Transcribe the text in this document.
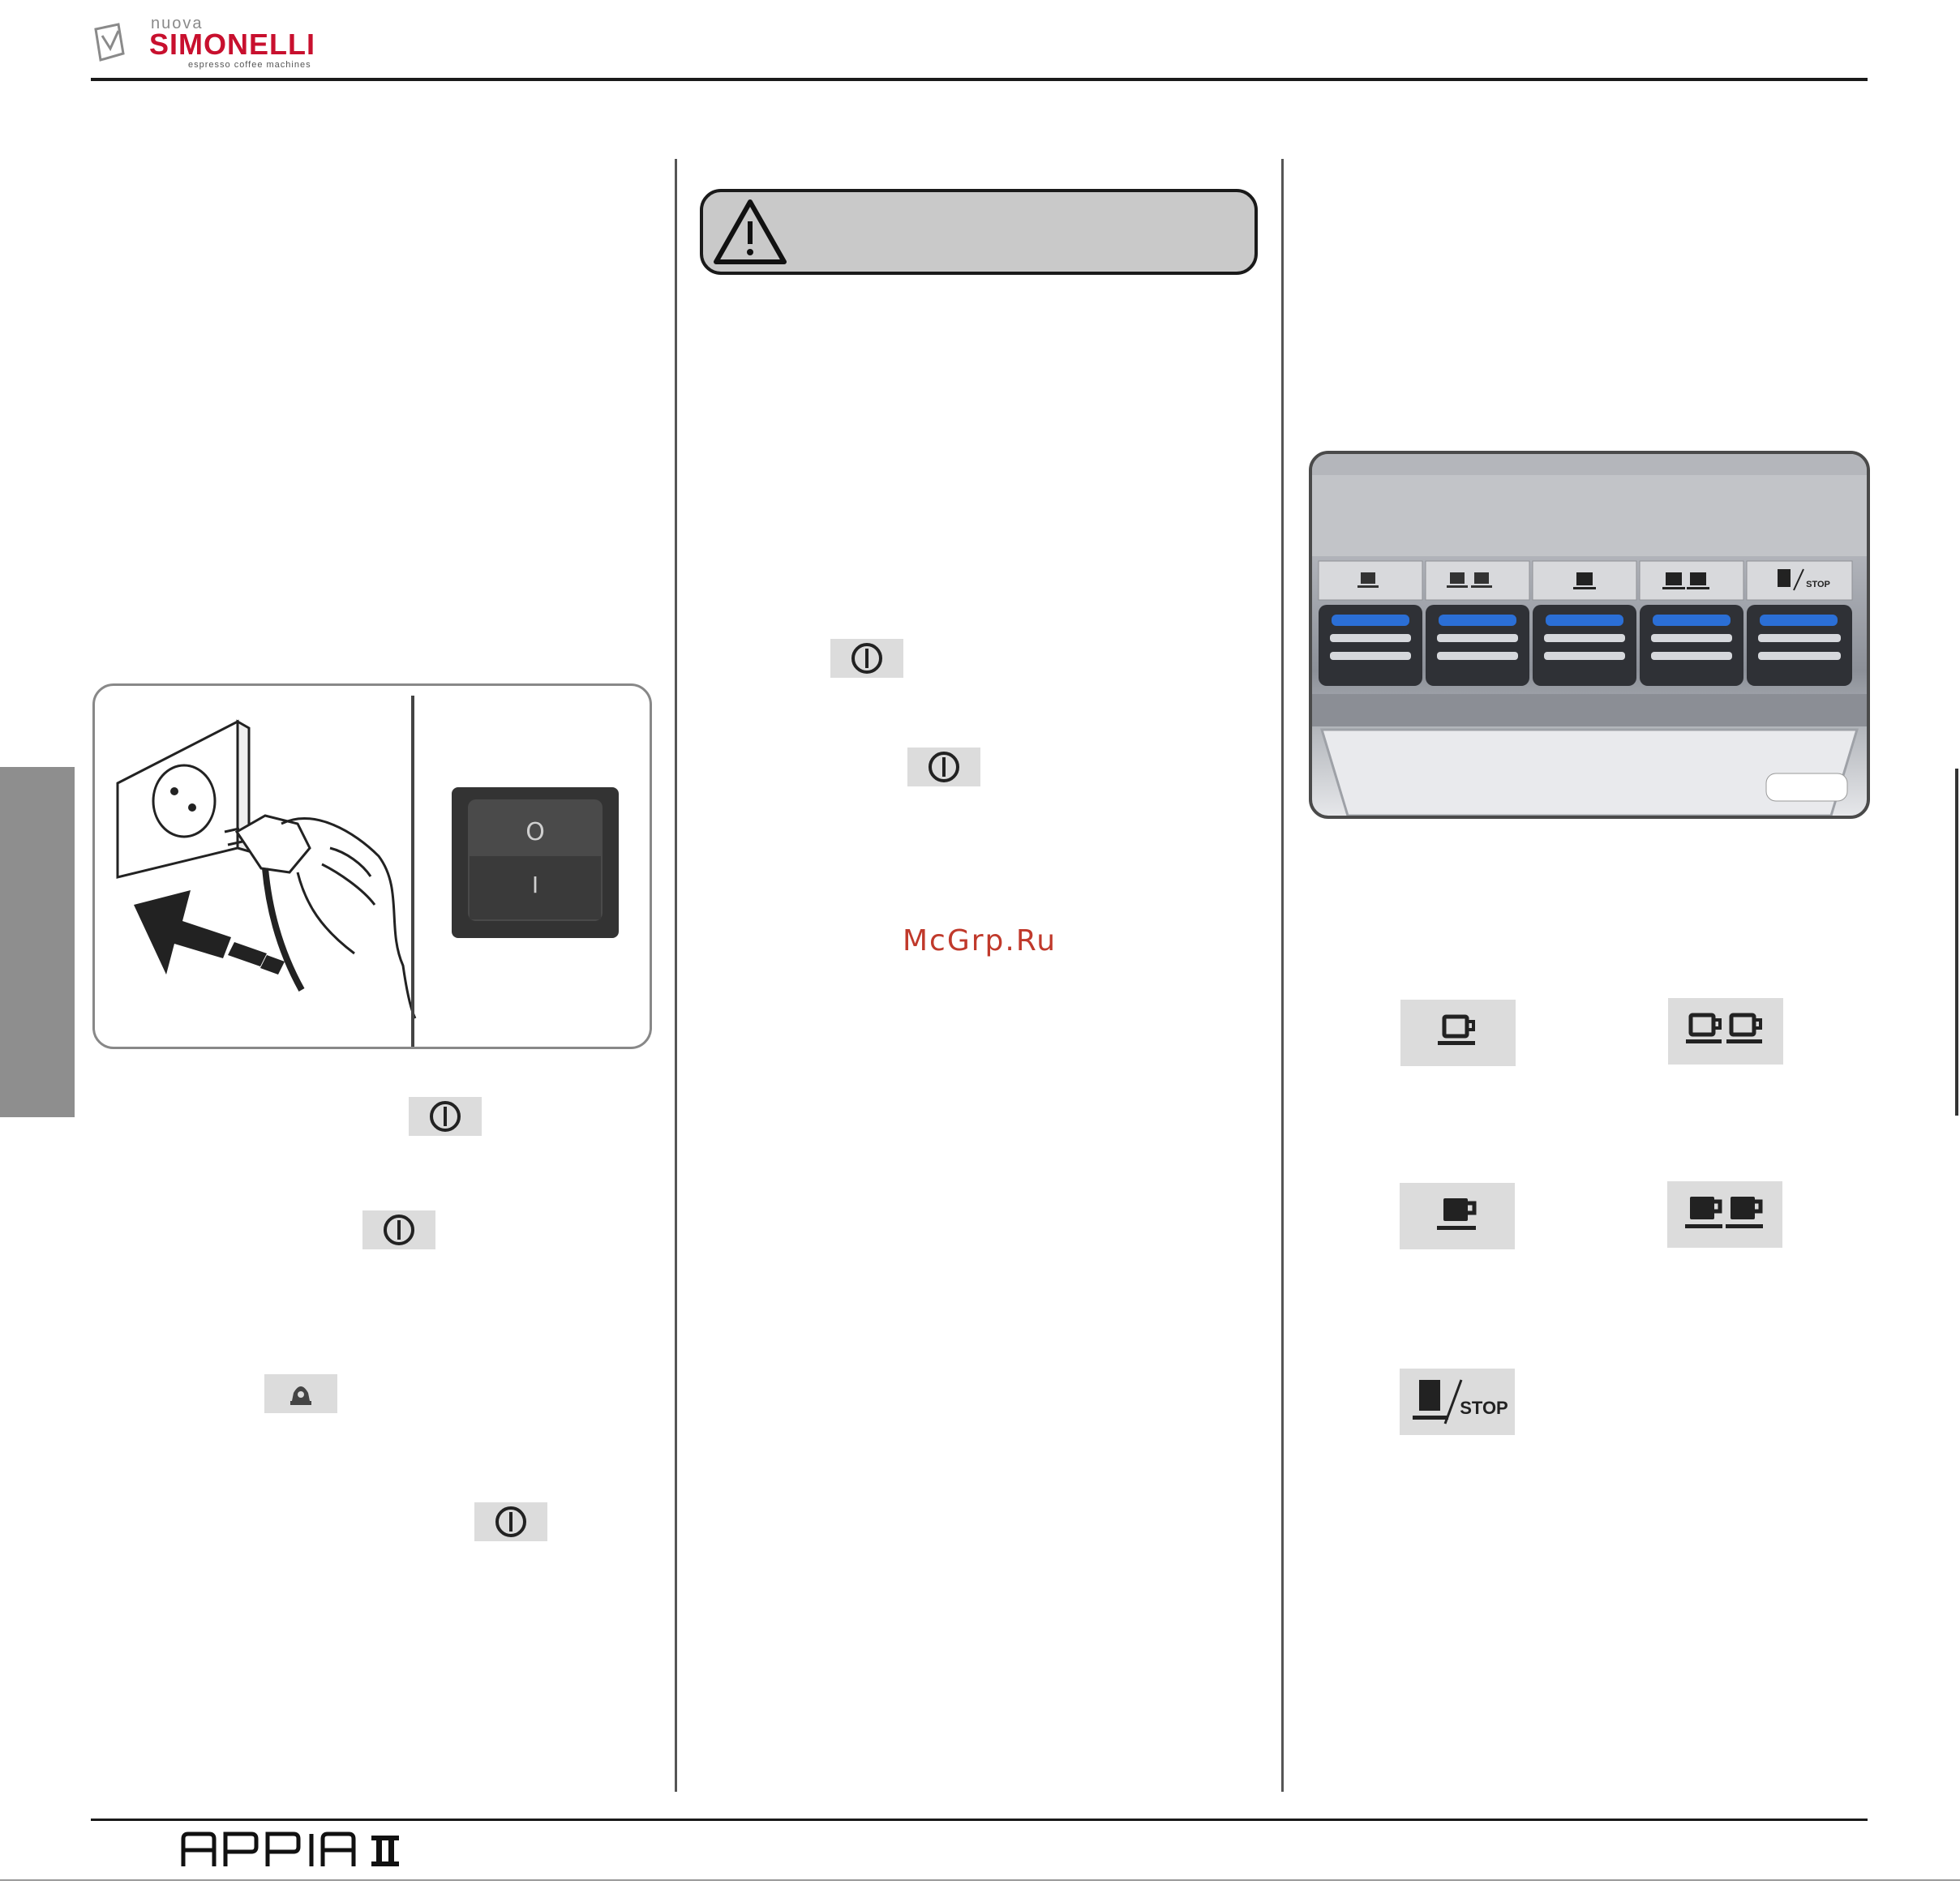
nuova
SIMONELLI
espresso coffee machines
O
I
McGrp.Ru
STOP
STOP
